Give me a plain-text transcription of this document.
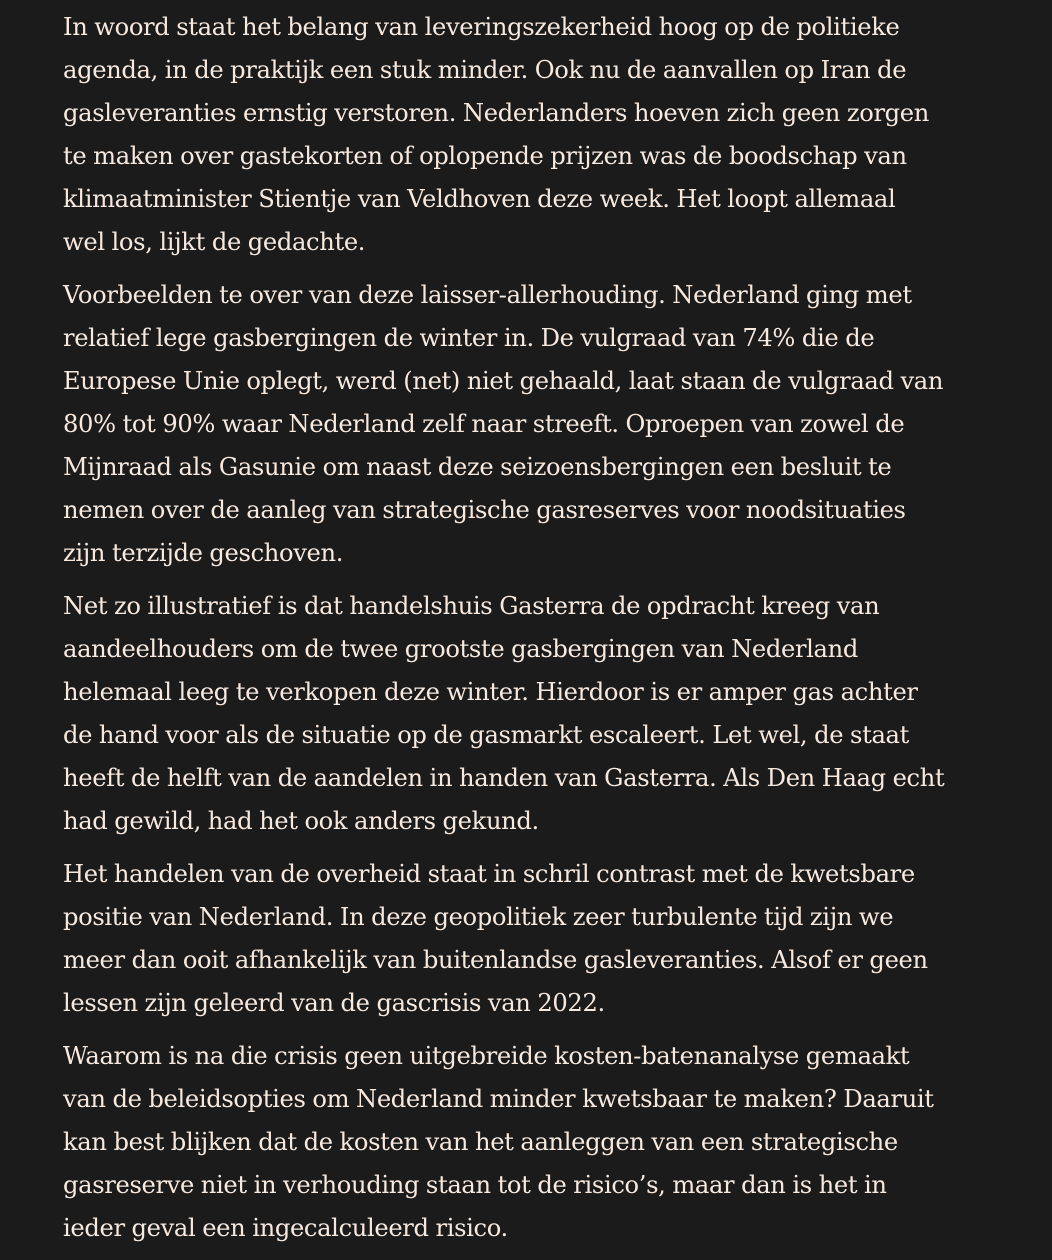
In woord staat het belang van leveringszekerheid hoog op de politieke
agenda, in de praktijk een stuk minder. Ook nu de aanvallen op Iran de
gasleveranties ernstig verstoren. Nederlanders hoeven zich geen zorgen
te maken over gastekorten of oplopende prijzen was de boodschap van
klimaatminister Stientje van Veldhoven deze week. Het loopt allemaal
wel los, lijkt de gedachte.

Voorbeelden te over van deze laisser-allerhouding. Nederland ging met
relatief lege gasbergingen de winter in. De vulgraad van 74% die de
Europese Unie oplegt, werd (net) niet gehaald, laat staan de vulgraad van
80% tot 90% waar Nederland zelf naar streeft. Oproepen van zowel de
Mijnraad als Gasunie om naast deze seizoensbergingen een besluit te
nemen over de aanleg van strategische gasreserves voor noodsituaties
zijn terzijde geschoven.

Net zo illustratief is dat handelshuis Gasterra de opdracht kreeg van
aandeelhouders om de twee grootste gasbergingen van Nederland
helemaal leeg te verkopen deze winter. Hierdoor is er amper gas achter
de hand voor als de situatie op de gasmarkt escaleert. Let wel, de staat
heeft de helft van de aandelen in handen van Gasterra. Als Den Haag echt
had gewild, had het ook anders gekund.

Het handelen van de overheid staat in schril contrast met de kwetsbare
positie van Nederland. In deze geopolitiek zeer turbulente tijd zijn we
meer dan ooit afhankelijk van buitenlandse gasleveranties. Alsof er geen
lessen zijn geleerd van de gascrisis van 2022.

Waarom is na die crisis geen uitgebreide kosten-batenanalyse gemaakt
van de beleidsopties om Nederland minder kwetsbaar te maken? Daaruit
kan best blijken dat de kosten van het aanleggen van een strategische
gasreserve niet in verhouding staan tot de risico’s, maar dan is het in
ieder geval een ingecalculeerd risico.
